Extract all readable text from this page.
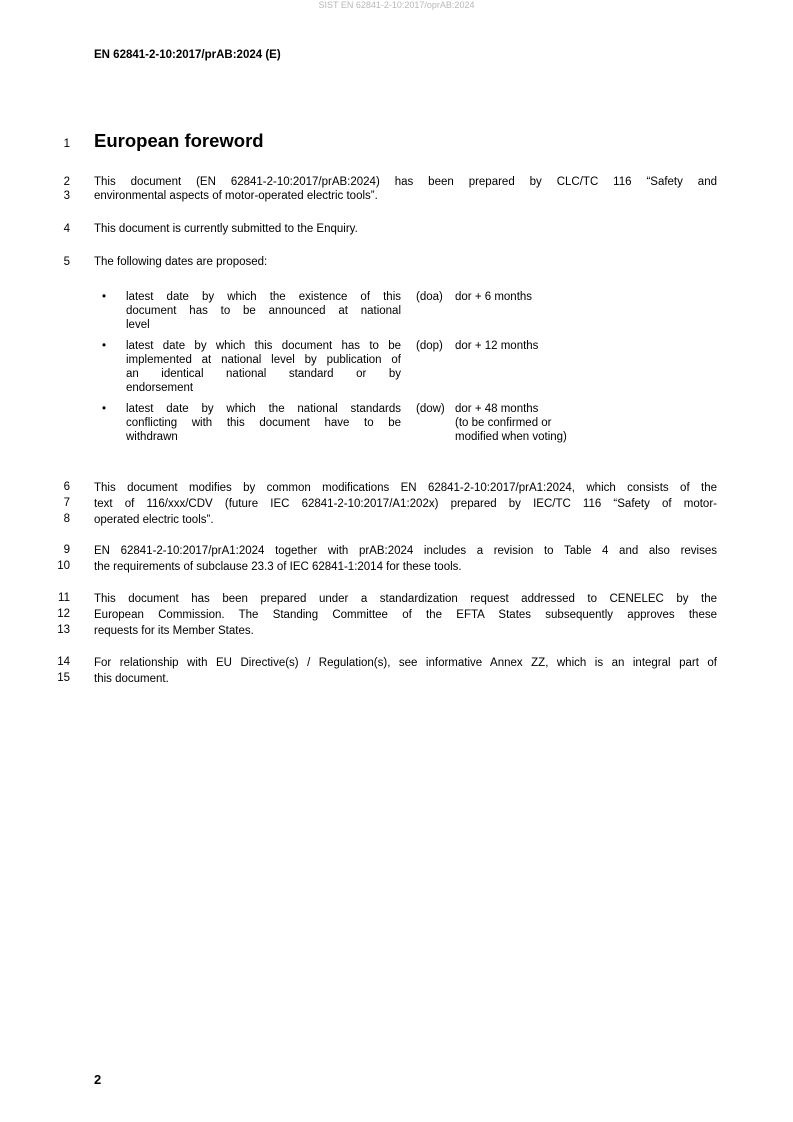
SIST EN 62841-2-10:2017/oprAB:2024
EN 62841-2-10:2017/prAB:2024 (E)
1 European foreword
2
3
This document (EN 62841-2-10:2017/prAB:2024) has been prepared by CLC/TC 116 “Safety and
environmental aspects of motor-operated electric tools”.
4 This document is currently submitted to the Enquiry.
5 The following dates are proposed:
•	latest date by which the existence of this
document has to be announced at national
level
(doa)	dor + 6 months
•	latest date by which this document has to be
implemented at national level by publication of
an identical national standard or by
endorsement
(dop)	dor + 12 months
•	latest date by which the national standards
conflicting with this document have to be
withdrawn
(dow) dor + 48 months
(to be confirmed or
modified when voting)
6
7
8
This document modifies by common modifications EN 62841-2-10:2017/prA1:2024, which consists of the
text of 116/xxx/CDV (future IEC 62841-2-10:2017/A1:202x) prepared by IEC/TC 116 “Safety of motor-
operated electric tools”.
9
10
EN 62841-2-10:2017/prA1:2024 together with prAB:2024 includes a revision to Table 4 and also revises
the requirements of subclause 23.3 of IEC 62841-1:2014 for these tools.
11
12
13
This document has been prepared under a standardization request addressed to CENELEC by the
European Commission. The Standing Committee of the EFTA States subsequently approves these
requests for its Member States.
14
15
For relationship with EU Directive(s) / Regulation(s), see informative Annex ZZ, which is an integral part of
this document.
2
